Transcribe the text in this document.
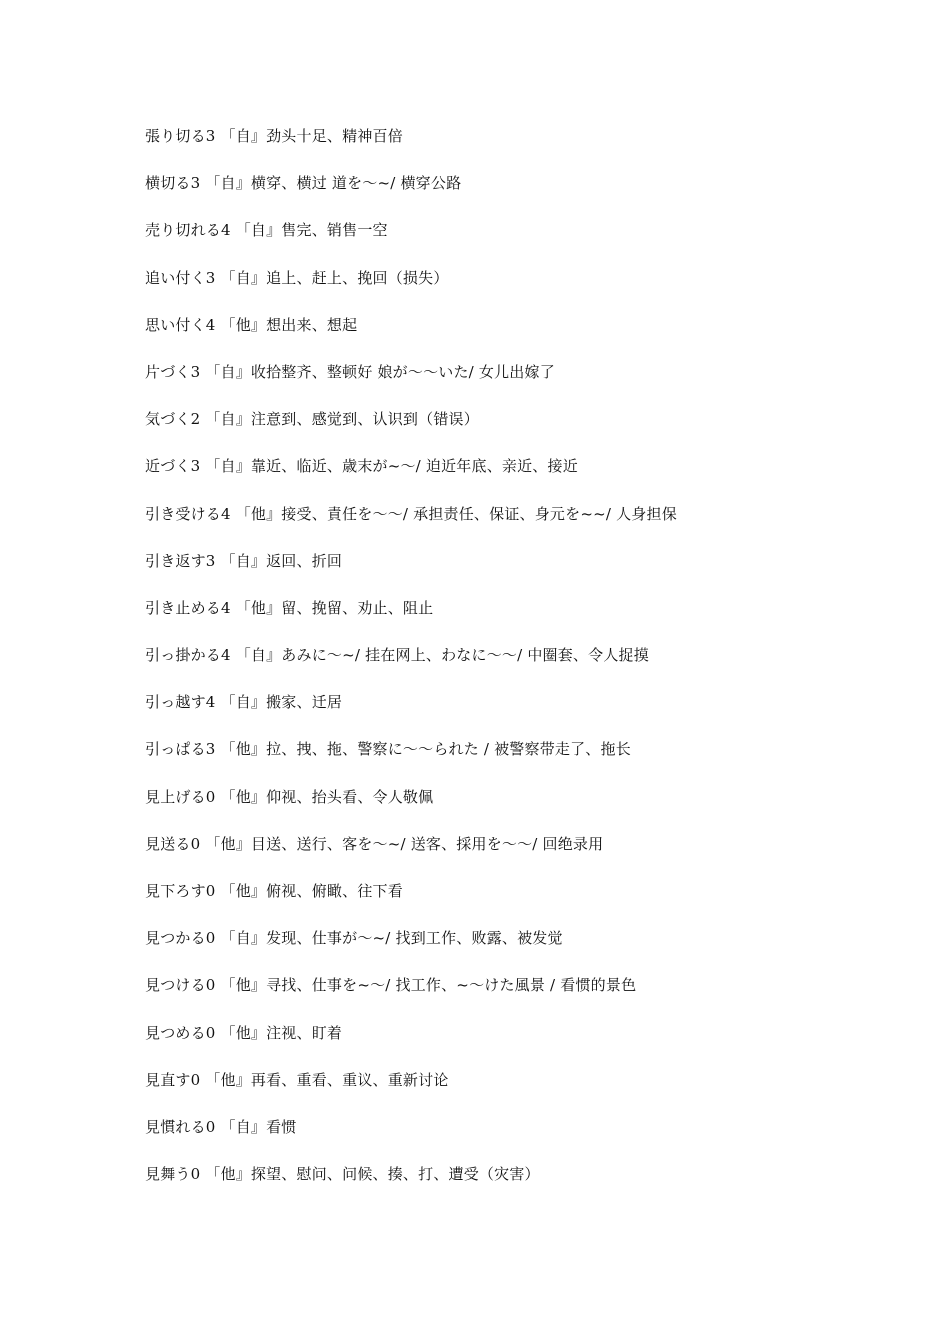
張り切る3 「自』劲头十足、精神百倍
横切る3 「自』横穿、横过 道を～~/ 横穿公路
売り切れる4 「自』售完、销售一空
追い付く3 「自』追上、赶上、挽回（损失）
思い付く4 「他』想出来、想起
片づく3 「自』收拾整齐、整顿好 娘が～～いた/ 女儿出嫁了
気づく2 「自』注意到、感觉到、认识到（错误）
近づく3 「自』靠近、临近、歳末が~～/ 迫近年底、亲近、接近
引き受ける4 「他』接受、責任を～～/ 承担责任、保证、身元を~~/ 人身担保
引き返す3 「自』返回、折回
引き止める4 「他』留、挽留、劝止、阻止
引っ掛かる4 「自』あみに～~/ 挂在网上、わなに～～/ 中圈套、令人捉摸
引っ越す4 「自』搬家、迁居
引っぱる3 「他』拉、拽、拖、警察に～～られた / 被警察带走了、拖长
見上げる0 「他』仰视、抬头看、令人敬佩
見送る0 「他』目送、送行、客を～~/ 送客、採用を～～/ 回绝录用
見下ろす0 「他』俯视、俯瞰、往下看
見つかる0 「自』发现、仕事が～~/ 找到工作、败露、被发觉
見つける0 「他』寻找、仕事を~～/ 找工作、~～けた風景 / 看惯的景色
見つめる0 「他』注视、盯着
見直す0 「他』再看、重看、重议、重新讨论
見慣れる0 「自』看惯
見舞う0 「他』探望、慰问、问候、揍、打、遭受（灾害）
